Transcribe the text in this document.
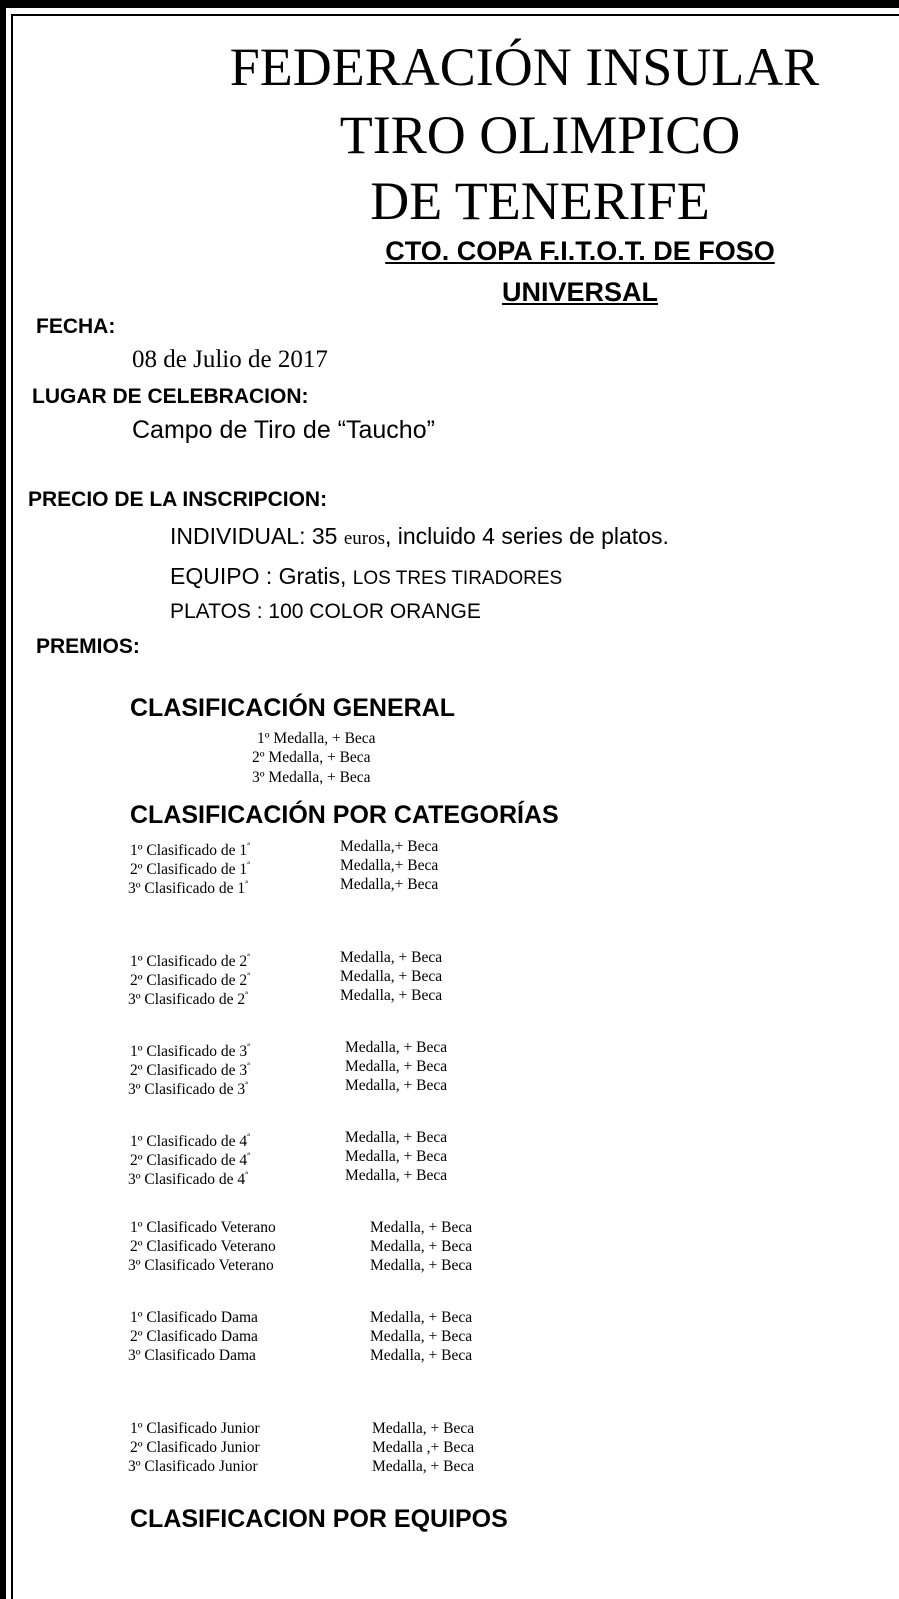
FEDERACIÓN INSULAR
TIRO OLIMPICO
DE TENERIFE
CTO. COPA F.I.T.O.T. DE FOSO
UNIVERSAL
FECHA:
08 de Julio de 2017
LUGAR DE CELEBRACION:
Campo de Tiro de “Taucho”
PRECIO DE LA INSCRIPCION:
INDIVIDUAL: 35 euros, incluido 4 series de platos.
EQUIPO : Gratis, LOS TRES TIRADORES
PLATOS : 100 COLOR ORANGE
PREMIOS:
CLASIFICACIÓN GENERAL
1º Medalla, + Beca
2º Medalla, + Beca
3º Medalla, + Beca
CLASIFICACIÓN POR CATEGORÍAS
1º Clasificado de $1^ª$	Medalla,+ Beca
2º Clasificado de $1^ª$	Medalla,+ Beca
3º Clasificado de $1^ª$	Medalla,+ Beca
1º Clasificado de $2^ª$	Medalla, + Beca
2º Clasificado de $2^ª$	Medalla, + Beca
3º Clasificado de $2^ª$	Medalla, + Beca
1º Clasificado de $3^ª$	Medalla, + Beca
2º Clasificado de $3^ª$	Medalla, + Beca
3º Clasificado de $3^ª$	Medalla, + Beca
1º Clasificado de $4^ª$	Medalla, + Beca
2º Clasificado de $4^ª$	Medalla, + Beca
3º Clasificado de $4^ª$	Medalla, + Beca
1º Clasificado Veterano	Medalla, + Beca
2º Clasificado Veterano	Medalla, + Beca
3º Clasificado Veterano	Medalla, + Beca
1º Clasificado Dama	Medalla, + Beca
2º Clasificado Dama	Medalla, + Beca
3º Clasificado Dama	Medalla, + Beca
1º Clasificado Junior	Medalla, + Beca
2º Clasificado Junior	Medalla ,+ Beca
3º Clasificado Junior	Medalla, + Beca
CLASIFICACION POR EQUIPOS
